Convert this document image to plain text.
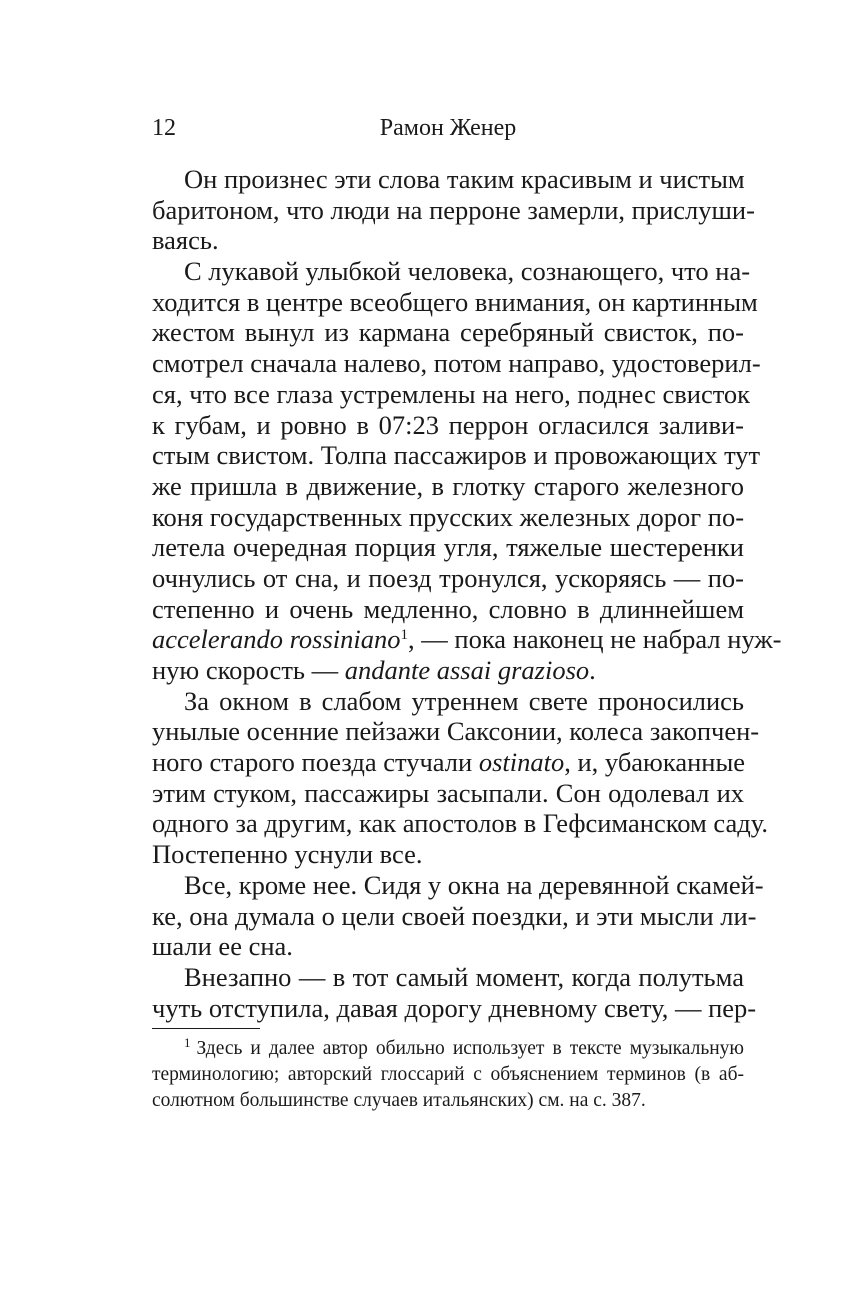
12	Рамон Женер
Он произнес эти слова таким красивым и чистым
баритоном, что люди на перроне замерли, прислуши-
ваясь.
С лукавой улыбкой человека, сознающего, что на-
ходится в центре всеобщего внимания, он картинным
жестом вынул из кармана серебряный свисток, по-
смотрел сначала налево, потом направо, удостоверил-
ся, что все глаза устремлены на него, поднес свисток
к губам, и ровно в 07:23 перрон огласился заливи-
стым свистом. Толпа пассажиров и провожающих тут
же пришла в движение, в глотку старого железного
коня государственных прусских железных дорог по-
летела очередная порция угля, тяжелые шестеренки
очнулись от сна, и поезд тронулся, ускоряясь — по-
степенно и очень медленно, словно в длиннейшем
accelerando rossiniano$^1$, — пока наконец не набрал нуж-
ную скорость — andante assai grazioso.
За окном в слабом утреннем свете проносились
унылые осенние пейзажи Саксонии, колеса закопчен-
ного старого поезда стучали ostinato, и, убаюканные
этим стуком, пассажиры засыпали. Сон одолевал их
одного за другим, как апостолов в Гефсиманском саду.
Постепенно уснули все.
Все, кроме нее. Сидя у окна на деревянной скамей-
ке, она думала о цели своей поездки, и эти мысли ли-
шали ее сна.
Внезапно — в тот самый момент, когда полутьма
чуть отступила, давая дорогу дневному свету, — пер-
$^1$ Здесь и далее автор обильно использует в тексте музыкальную
терминологию; авторский глоссарий с объяснением терминов (в аб-
солютном большинстве случаев итальянских) см. на с. 387.
